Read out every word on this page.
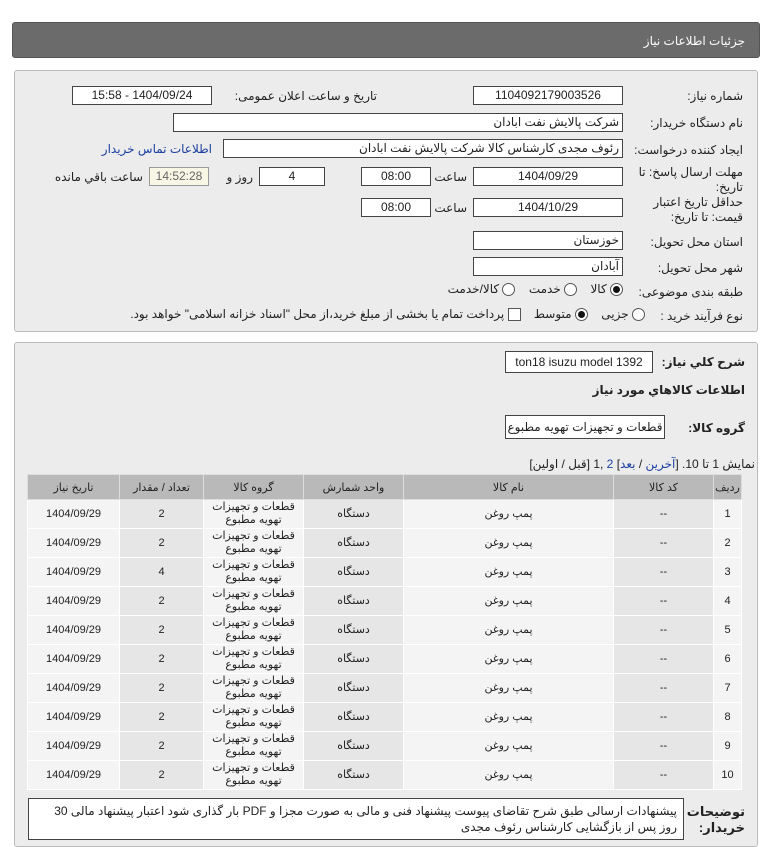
جزئیات اطلاعات نیاز
شماره نیاز:
1104092179003526
تاریخ و ساعت اعلان عمومی:
1404/09/24 - 15:58
نام دستگاه خریدار:
شرکت پالایش نفت ابادان
ایجاد کننده درخواست:
رئوف مجدی کارشناس کالا شرکت پالایش نفت ابادان
اطلاعات تماس خریدار
مهلت ارسال پاسخ: تا تاریخ:
1404/09/29
ساعت
08:00
4
روز و
14:52:28
ساعت باقي مانده
حداقل تاریخ اعتبار قیمت: تا تاریخ:
1404/10/29
ساعت
08:00
استان محل تحویل:
خوزستان
شهر محل تحویل:
آبادان
طبقه بندی موضوعی:
کالا     خدمت     کالا/خدمت
نوع فرآیند خرید :
جزیی     متوسط     پرداخت تمام یا بخشی از مبلغ خرید،از محل "اسناد خزانه اسلامی" خواهد بود.
شرح کلي نیاز:
ton18 isuzu model 1392
اطلاعات کالاهاي مورد نیاز
گروه کالا:
قطعات و تجهیزات تهویه مطبوع
نمایش 1 تا 10. [آخرین / بعد] 2 ,1 [قبل / اولین]
ردیف	کد کالا	نام کالا	واحد شمارش	گروه کالا	تعداد / مقدار	تاریخ نیاز
1	--	پمپ روغن	دستگاه	قطعات و تجهیزات تهویه مطبوع	2	1404/09/29
2	--	پمپ روغن	دستگاه	قطعات و تجهیزات تهویه مطبوع	2	1404/09/29
3	--	پمپ روغن	دستگاه	قطعات و تجهیزات تهویه مطبوع	4	1404/09/29
4	--	پمپ روغن	دستگاه	قطعات و تجهیزات تهویه مطبوع	2	1404/09/29
5	--	پمپ روغن	دستگاه	قطعات و تجهیزات تهویه مطبوع	2	1404/09/29
6	--	پمپ روغن	دستگاه	قطعات و تجهیزات تهویه مطبوع	2	1404/09/29
7	--	پمپ روغن	دستگاه	قطعات و تجهیزات تهویه مطبوع	2	1404/09/29
8	--	پمپ روغن	دستگاه	قطعات و تجهیزات تهویه مطبوع	2	1404/09/29
9	--	پمپ روغن	دستگاه	قطعات و تجهیزات تهویه مطبوع	2	1404/09/29
10	--	پمپ روغن	دستگاه	قطعات و تجهیزات تهویه مطبوع	2	1404/09/29
توضیحات خریدار:
پیشنهادات ارسالی طبق شرح تقاضای پیوست پیشنهاد فنی و مالی به صورت مجزا و PDF بار گذاری شود اعتبار پیشنهاد مالی 30 روز پس از بازگشایی کارشناس رئوف مجدی
